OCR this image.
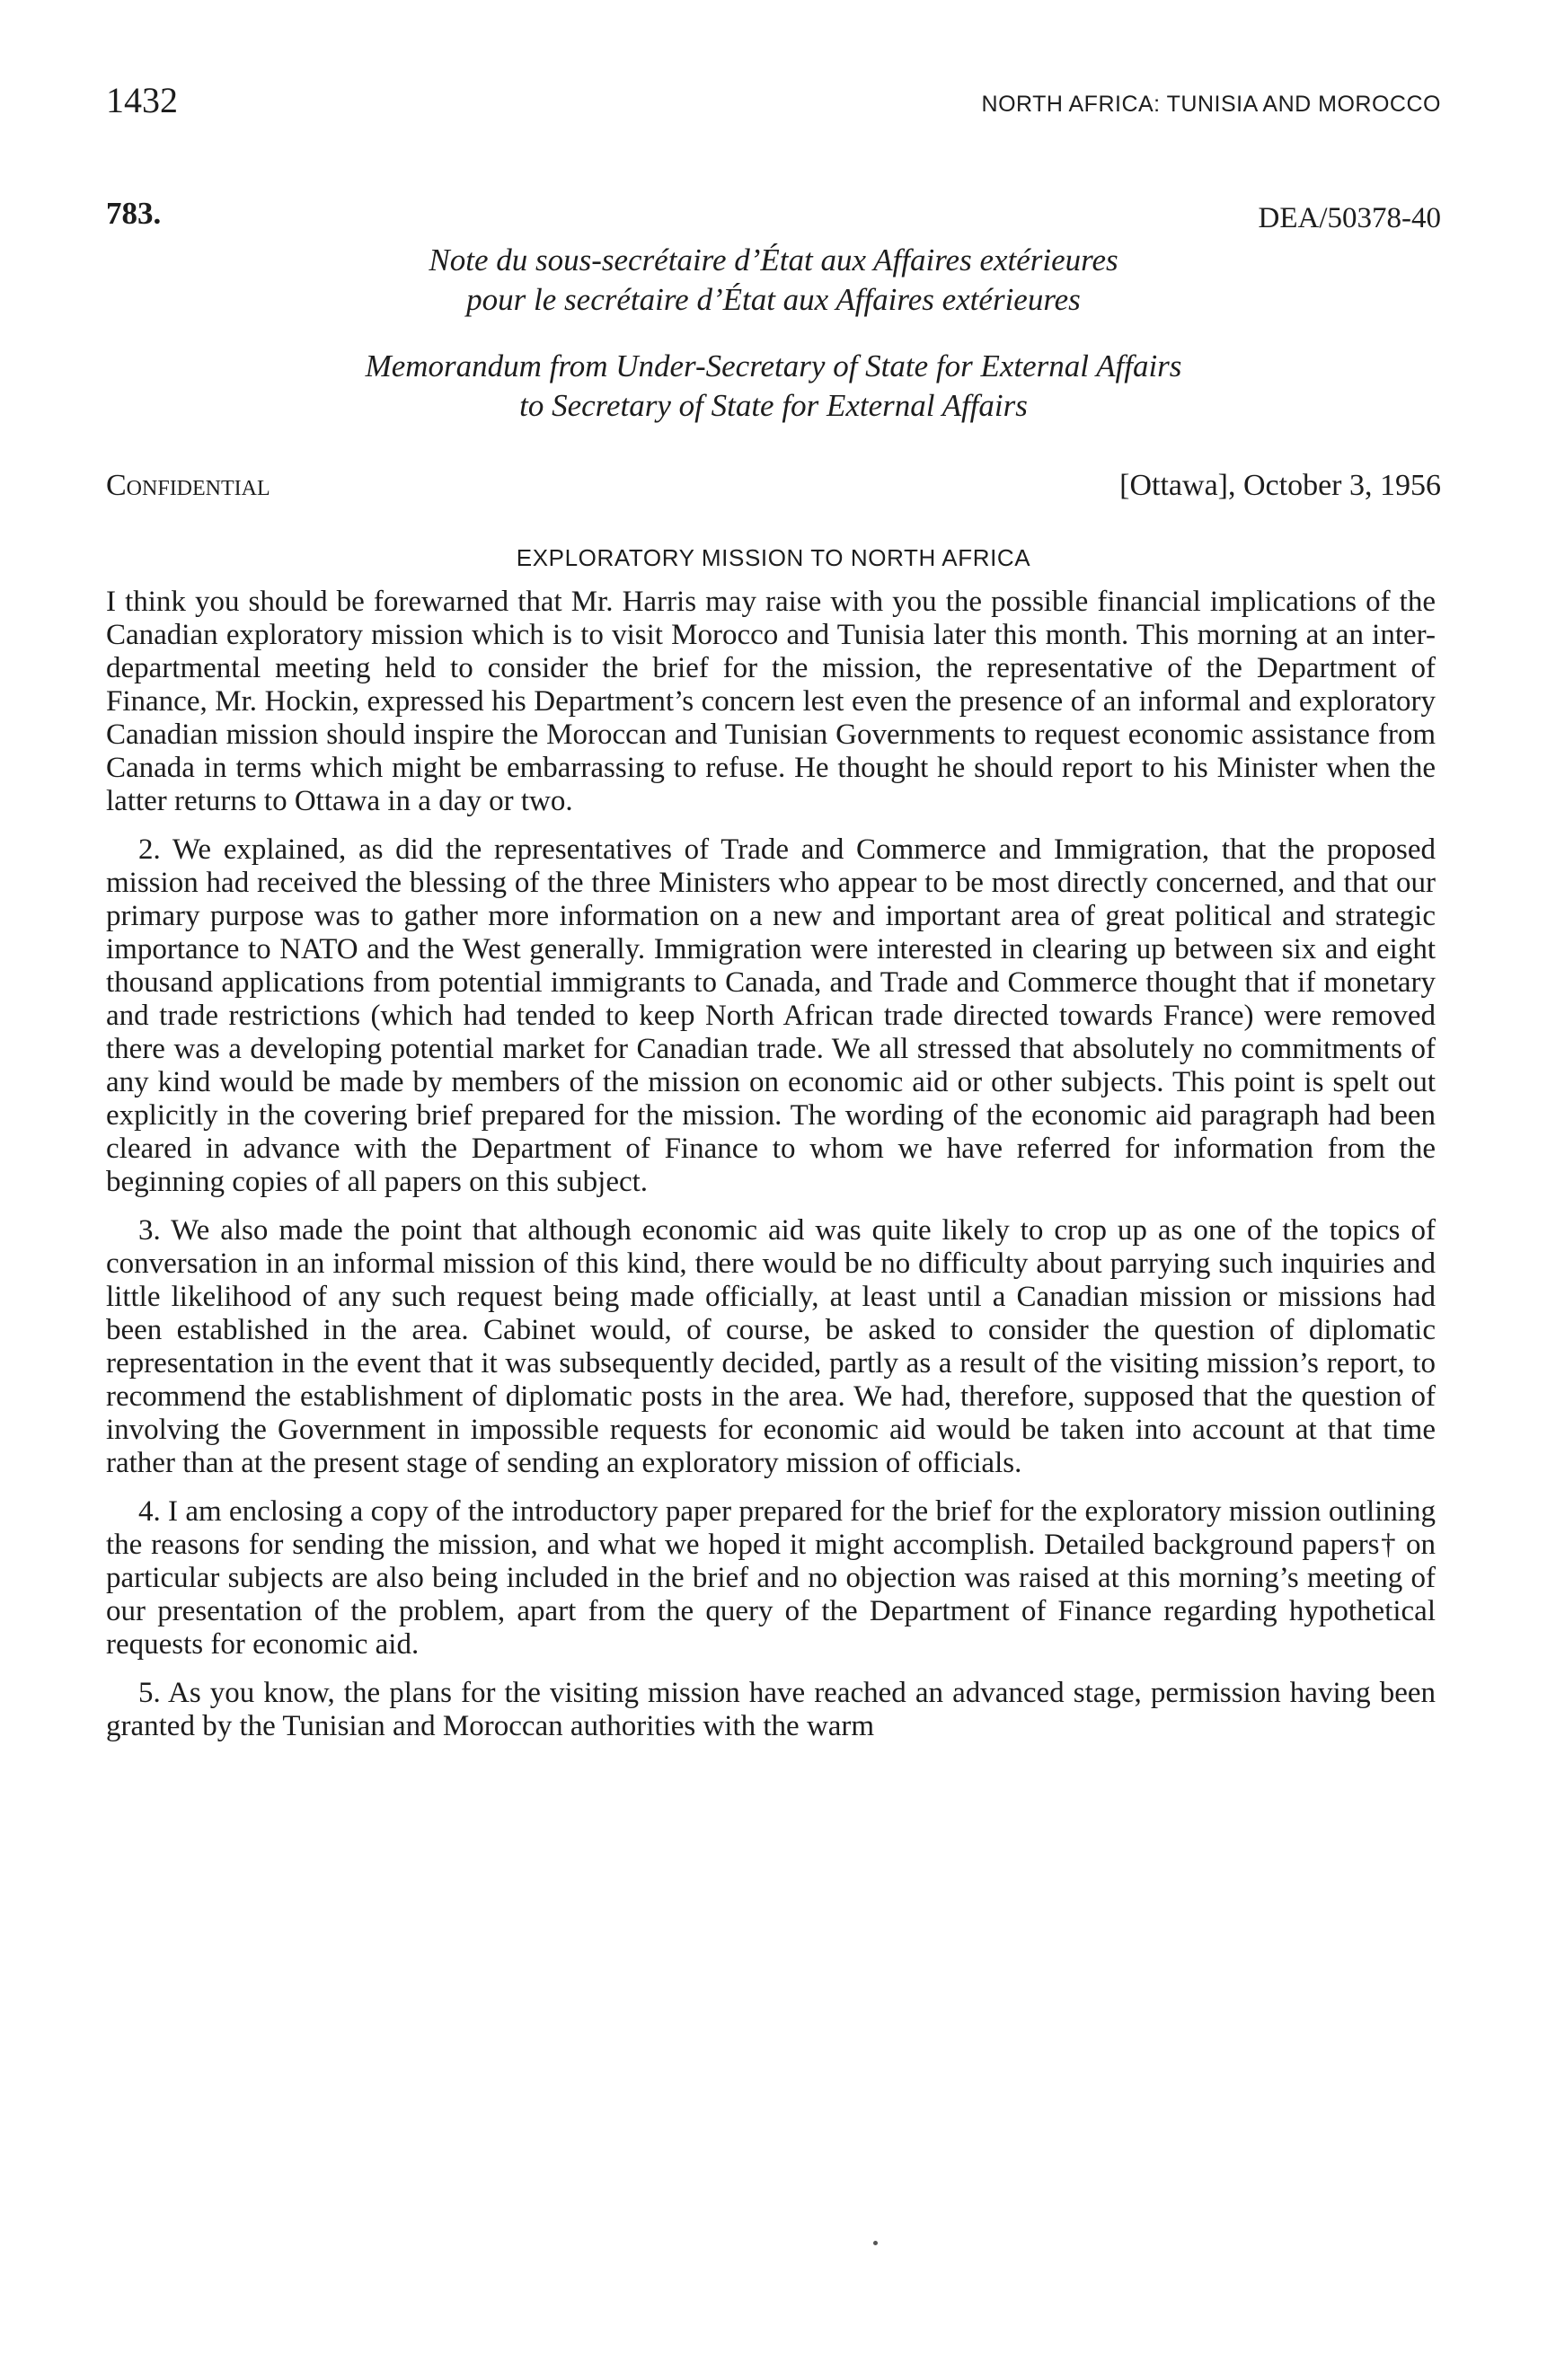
1432	NORTH AFRICA: TUNISIA AND MOROCCO
783.	DEA/50378-40
Note du sous-secrétaire d’État aux Affaires extérieures
pour le secrétaire d’État aux Affaires extérieures
Memorandum from Under-Secretary of State for External Affairs
to Secretary of State for External Affairs
Confidential	[Ottawa], October 3, 1956
EXPLORATORY MISSION TO NORTH AFRICA

I think you should be forewarned that Mr. Harris may raise with you the possible financial implications of the Canadian exploratory mission which is to visit Morocco and Tunisia later this month. This morning at an inter-departmental meeting held to consider the brief for the mission, the representative of the Department of Finance, Mr. Hockin, expressed his Department’s concern lest even the presence of an informal and exploratory Canadian mission should inspire the Moroccan and Tunisian Governments to request economic assistance from Canada in terms which might be embarrassing to refuse. He thought he should report to his Minister when the latter returns to Ottawa in a day or two.

2. We explained, as did the representatives of Trade and Commerce and Immigration, that the proposed mission had received the blessing of the three Ministers who appear to be most directly concerned, and that our primary purpose was to gather more information on a new and important area of great political and strategic importance to NATO and the West generally. Immigration were interested in clearing up between six and eight thousand applications from potential immigrants to Canada, and Trade and Commerce thought that if monetary and trade restrictions (which had tended to keep North African trade directed towards France) were removed there was a developing potential market for Canadian trade. We all stressed that absolutely no commitments of any kind would be made by members of the mission on economic aid or other subjects. This point is spelt out explicitly in the covering brief prepared for the mission. The wording of the economic aid paragraph had been cleared in advance with the Department of Finance to whom we have referred for information from the beginning copies of all papers on this subject.

3. We also made the point that although economic aid was quite likely to crop up as one of the topics of conversation in an informal mission of this kind, there would be no difficulty about parrying such inquiries and little likelihood of any such request being made officially, at least until a Canadian mission or missions had been established in the area. Cabinet would, of course, be asked to consider the question of diplomatic representation in the event that it was subsequently decided, partly as a result of the visiting mission’s report, to recommend the establishment of diplomatic posts in the area. We had, therefore, supposed that the question of involving the Government in impossible requests for economic aid would be taken into account at that time rather than at the present stage of sending an exploratory mission of officials.

4. I am enclosing a copy of the introductory paper prepared for the brief for the exploratory mission outlining the reasons for sending the mission, and what we hoped it might accomplish. Detailed background papers† on particular subjects are also being included in the brief and no objection was raised at this morning’s meeting of our presentation of the problem, apart from the query of the Department of Finance regarding hypothetical requests for economic aid.

5. As you know, the plans for the visiting mission have reached an advanced stage, permission having been granted by the Tunisian and Moroccan authorities with the warm
